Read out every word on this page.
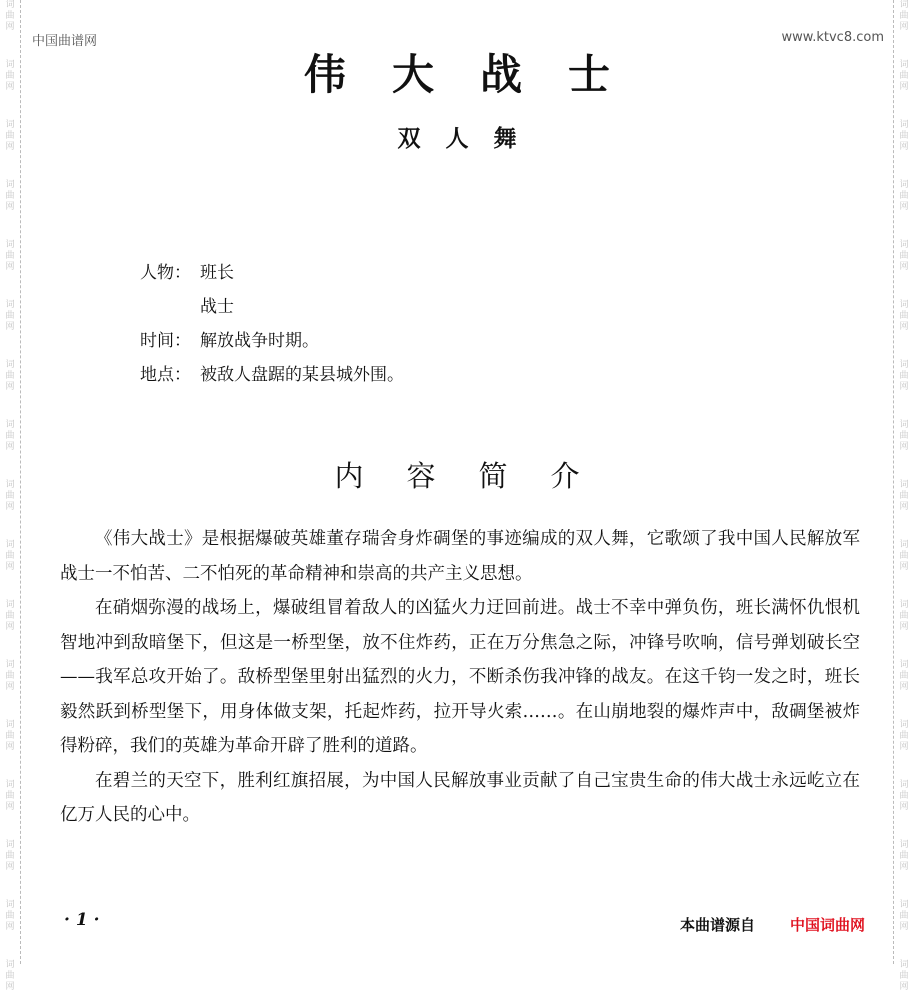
词
曲
网
词
曲
网
词
曲
网
词
曲
网
词
曲
网
词
曲
网
词
曲
网
词
曲
网
词
曲
网
词
曲
网
词
曲
网
词
曲
网
词
曲
网
词
曲
网
词
曲
网
词
曲
网
词
曲
网
词
曲
网
词
曲
网
词
曲
网
词
曲
网
词
曲
网
词
曲
网
词
曲
网
词
曲
网
词
曲
网
词
曲
网
词
曲
网
词
曲
网
词
曲
网
词
曲
网
词
曲
网
词
曲
网
词
曲
网
中国曲谱网	www.ktvc8.com
伟大战士
双人舞
人物： 班长
战士
时间： 解放战争时期。
地点： 被敌人盘踞的某县城外围。
内容简介

《伟大战士》是根据爆破英雄董存瑞舍身炸碉堡的事迹编成的双人舞，它歌颂了我中国人民解放军战士一不怕苦、二不怕死的革命精神和崇高的共产主义思想。

在硝烟弥漫的战场上，爆破组冒着敌人的凶猛火力迂回前进。战士不幸中弹负伤，班长满怀仇恨机智地冲到敌暗堡下，但这是一桥型堡，放不住炸药，正在万分焦急之际，冲锋号吹响，信号弹划破长空——我军总攻开始了。敌桥型堡里射出猛烈的火力，不断杀伤我冲锋的战友。在这千钧一发之时，班长毅然跃到桥型堡下，用身体做支架，托起炸药，拉开导火索……。在山崩地裂的爆炸声中，敌碉堡被炸得粉碎，我们的英雄为革命开辟了胜利的道路。

在碧兰的天空下，胜利红旗招展，为中国人民解放事业贡献了自己宝贵生命的伟大战士永远屹立在亿万人民的心中。

· 1 ·	本曲谱源自 中国词曲网
